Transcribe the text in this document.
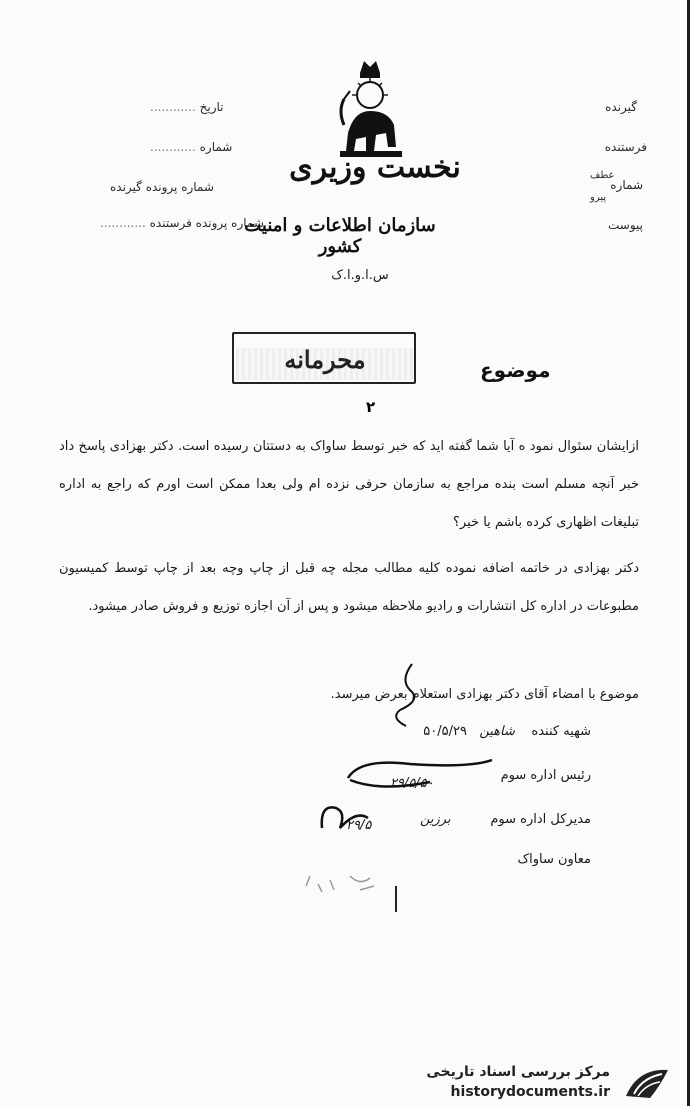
گیرنده
فرستنده
شماره
عطف
پیرو
پیوست
تاریخ ............
شماره ............
شماره پرونده گیرنده
شماره پرونده فرستنده ............
نخست وزیری
سازمان اطلاعات و امنیت کشور
س.ا.و.ا.ک
موضوع
محرمانه
۲
ازایشان سئوال نمود ه آیا شما گفته اید که خبر توسط ساواک به دستتان رسیده است. دکتر بهزادی پاسخ داد خبر آنچه مسلم است بنده مراجع به سازمان حرفی نزده ام ولی بعدا ممکن است اورم که راجع به اداره تبلیغات اظهاری کرده باشم یا خیر؟
دکتر بهزادی در خاتمه اضافه نموده کلیه مطالب مجله چه قبل از چاپ وچه بعد از چاپ توسط کمیسیون مطبوعات در اداره کل انتشارات و رادیو ملاحظه میشود و پس از آن اجازه توزیع و فروش صادر میشود.
موضوع با امضاء آقای دکتر بهزادی استعلام بعرض میرسد.
شهیه کننده    شاهین   ۵۰/۵/۲۹
رئیس اداره سوم
۲۹/۵/۵۰
مدیرکل اداره سوم
برزین
۲۹/۵
معاون ساواک
مرکز بررسی اسناد تاریخی
historydocuments.ir
